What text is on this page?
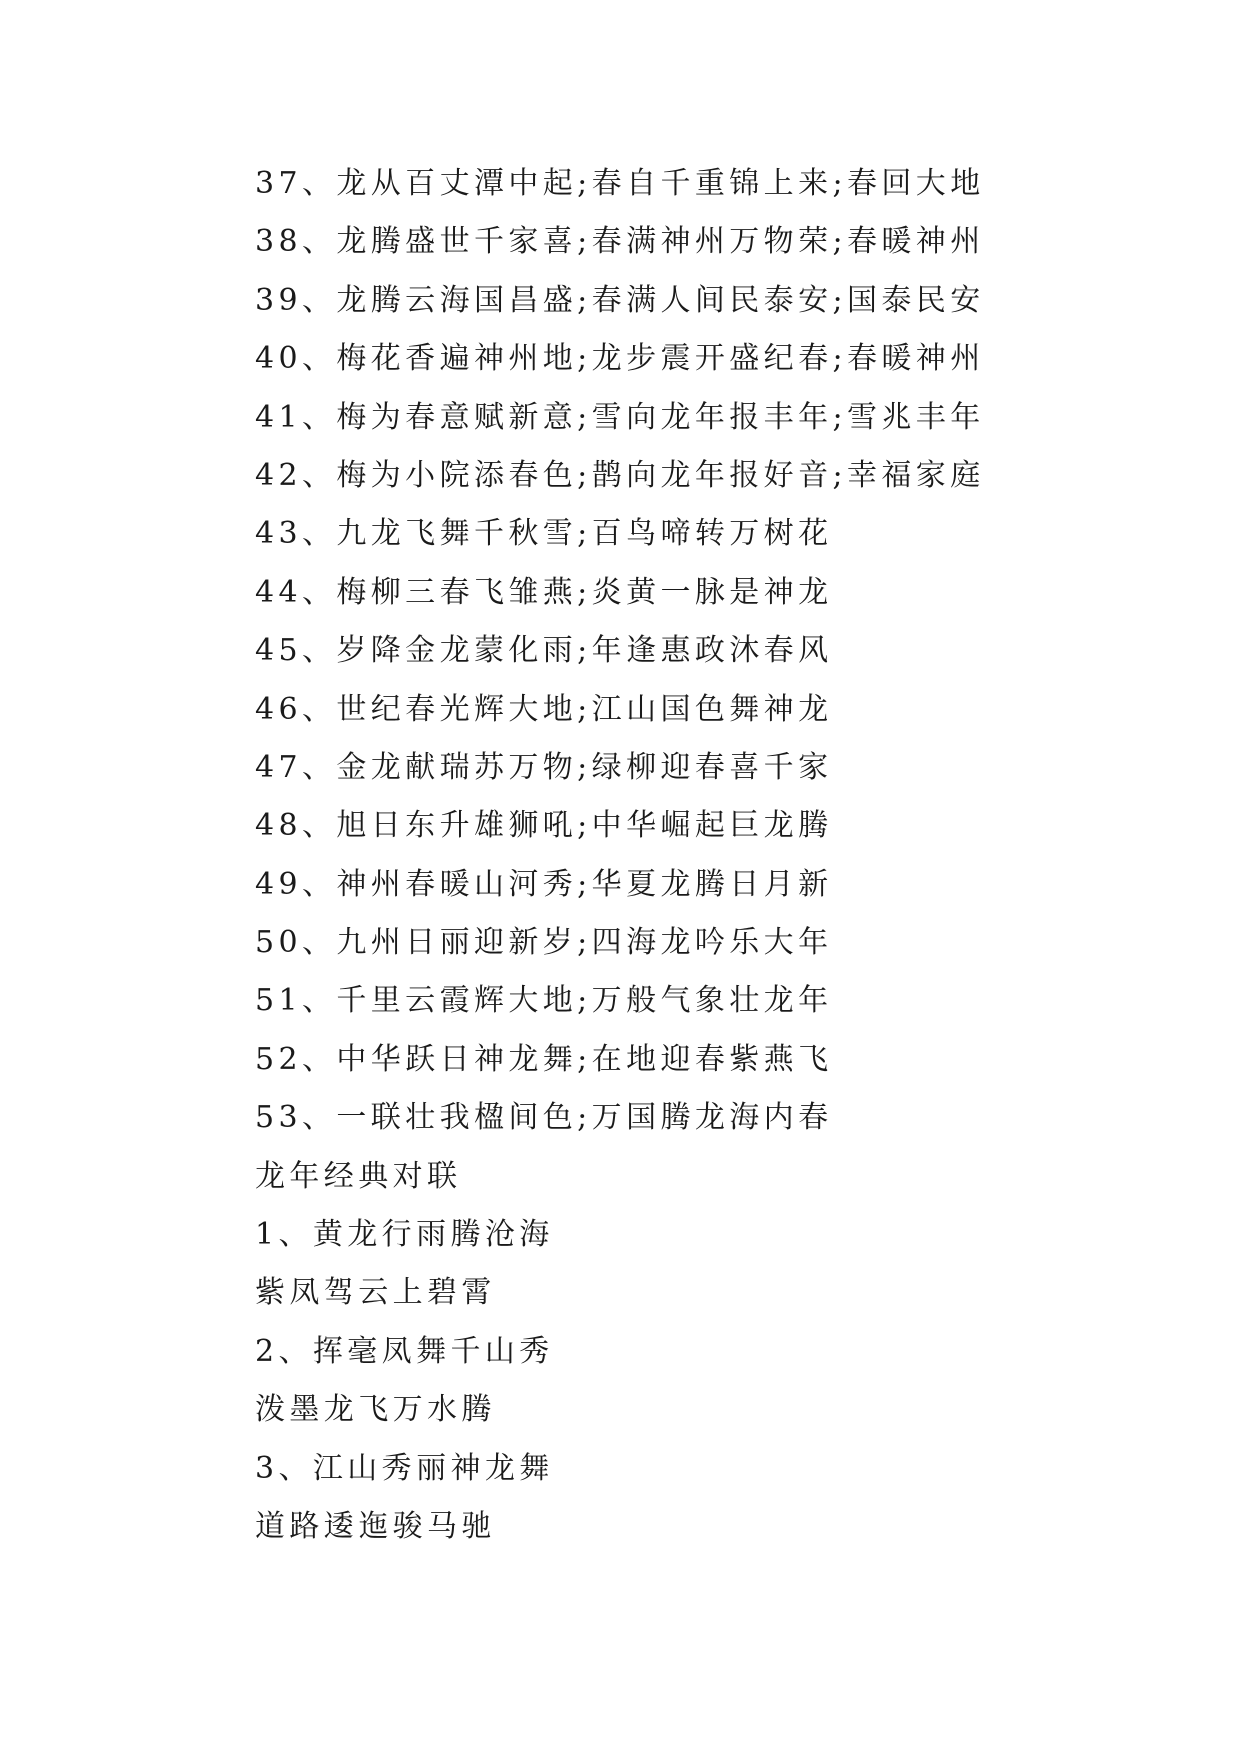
37、龙从百丈潭中起;春自千重锦上来;春回大地
38、龙腾盛世千家喜;春满神州万物荣;春暖神州
39、龙腾云海国昌盛;春满人间民泰安;国泰民安
40、梅花香遍神州地;龙步震开盛纪春;春暖神州
41、梅为春意赋新意;雪向龙年报丰年;雪兆丰年
42、梅为小院添春色;鹊向龙年报好音;幸福家庭
43、九龙飞舞千秋雪;百鸟啼转万树花
44、梅柳三春飞雏燕;炎黄一脉是神龙
45、岁降金龙蒙化雨;年逢惠政沐春风
46、世纪春光辉大地;江山国色舞神龙
47、金龙献瑞苏万物;绿柳迎春喜千家
48、旭日东升雄狮吼;中华崛起巨龙腾
49、神州春暖山河秀;华夏龙腾日月新
50、九州日丽迎新岁;四海龙吟乐大年
51、千里云霞辉大地;万般气象壮龙年
52、中华跃日神龙舞;在地迎春紫燕飞
53、一联壮我楹间色;万国腾龙海内春
龙年经典对联
1、黄龙行雨腾沧海
紫凤驾云上碧霄
2、挥毫凤舞千山秀
泼墨龙飞万水腾
3、江山秀丽神龙舞
道路逶迤骏马驰
